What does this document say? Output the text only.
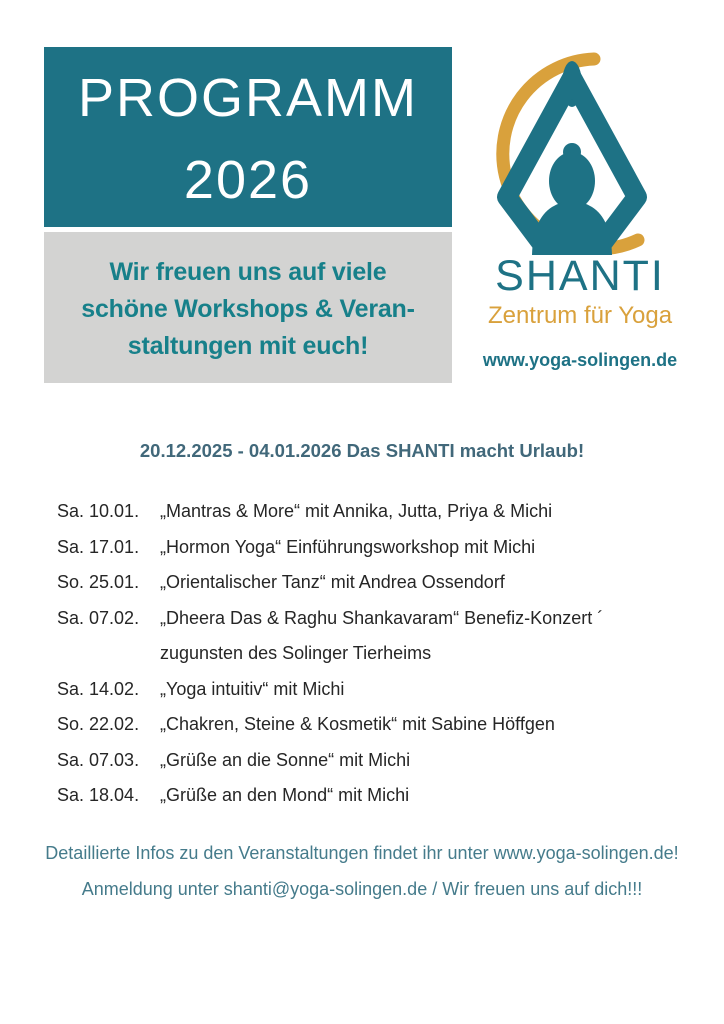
PROGRAMM
2026
Wir freuen uns auf viele
schöne Workshops & Veran-
staltungen mit euch!
SHANTI
Zentrum für Yoga
www.yoga-solingen.de
20.12.2025 - 04.01.2026 Das SHANTI macht Urlaub!
Sa. 10.01.	„Mantras & More“ mit Annika, Jutta, Priya & Michi
Sa. 17.01.	„Hormon Yoga“ Einführungsworkshop mit Michi
So. 25.01.	„Orientalischer Tanz“ mit Andrea Ossendorf
Sa. 07.02.	„Dheera Das & Raghu Shankavaram“ Benefiz-Konzert ´
zugunsten des Solinger Tierheims
Sa. 14.02.	„Yoga intuitiv“ mit Michi
So. 22.02.	„Chakren, Steine & Kosmetik“ mit Sabine Höffgen
Sa. 07.03.	„Grüße an die Sonne“ mit Michi
Sa. 18.04.	„Grüße an den Mond“ mit Michi
Detaillierte Infos zu den Veranstaltungen findet ihr unter www.yoga-solingen.de!
Anmeldung unter shanti@yoga-solingen.de / Wir freuen uns auf dich!!!
